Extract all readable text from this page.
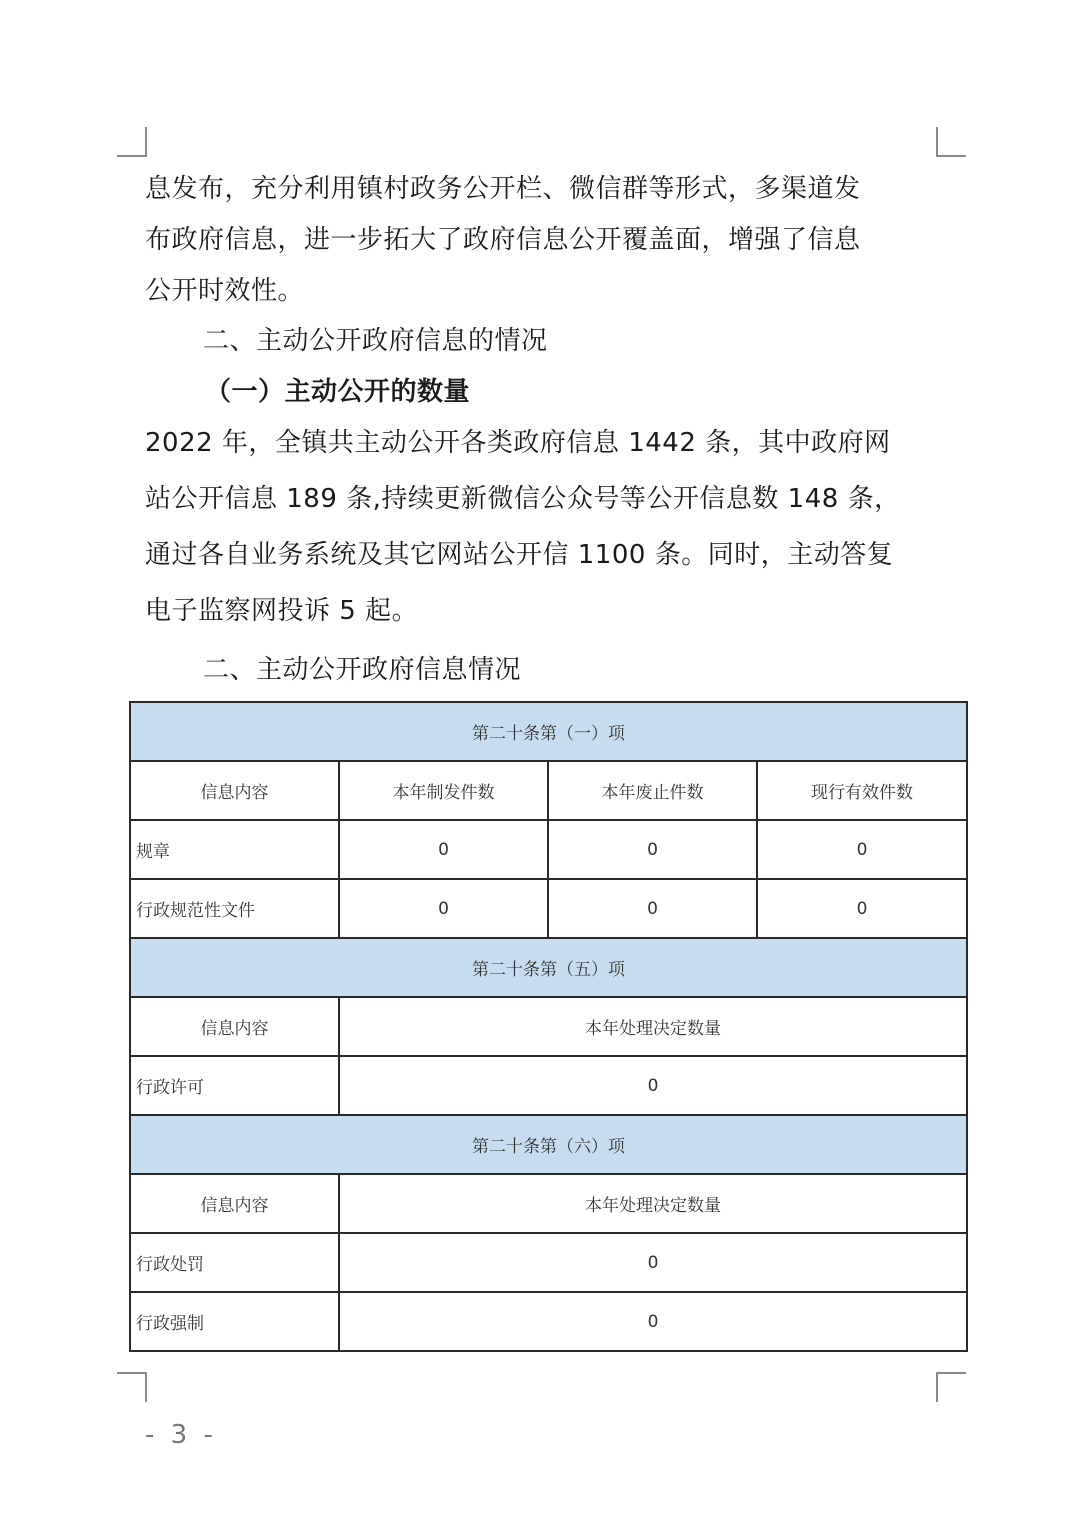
息发布，充分利用镇村政务公开栏、微信群等形式，多渠道发
布政府信息，进一步拓大了政府信息公开覆盖面，增强了信息
公开时效性。
二、主动公开政府信息的情况
（一）主动公开的数量
2022 年，全镇共主动公开各类政府信息 1442 条，其中政府网
站公开信息 189 条,持续更新微信公众号等公开信息数 148 条，
通过各自业务系统及其它网站公开信 1100 条。同时，主动答复
电子监察网投诉 5 起。
二、主动公开政府信息情况
第二十条第（一）项			
信息内容	本年制发件数	本年废止件数	现行有效件数
规章	0	0	0
行政规范性文件	0	0	0
第二十条第（五）项			
信息内容	本年处理决定数量		
行政许可	0		
第二十条第（六）项			
信息内容	本年处理决定数量		
行政处罚	0		
行政强制	0		
- 3 -
